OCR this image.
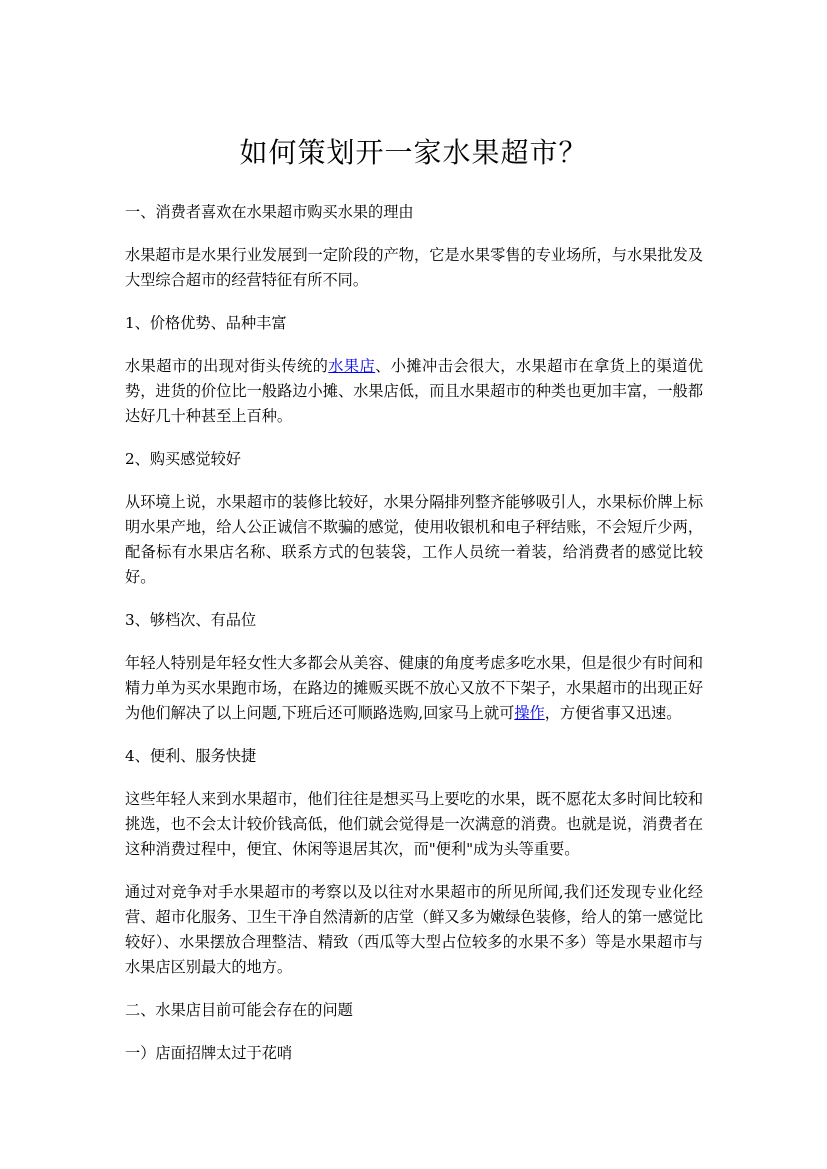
如何策划开一家水果超市？

一、消费者喜欢在水果超市购买水果的理由

水果超市是水果行业发展到一定阶段的产物，它是水果零售的专业场所，与水果批发及大型综合超市的经营特征有所不同。

1、价格优势、品种丰富

水果超市的出现对街头传统的水果店、小摊冲击会很大，水果超市在拿货上的渠道优势，进货的价位比一般路边小摊、水果店低，而且水果超市的种类也更加丰富，一般都达好几十种甚至上百种。

2、购买感觉较好

从环境上说，水果超市的装修比较好，水果分隔排列整齐能够吸引人，水果标价牌上标明水果产地，给人公正诚信不欺骗的感觉，使用收银机和电子秤结账，不会短斤少两，配备标有水果店名称、联系方式的包装袋，工作人员统一着装，给消费者的感觉比较好。

3、够档次、有品位

年轻人特别是年轻女性大多都会从美容、健康的角度考虑多吃水果，但是很少有时间和精力单为买水果跑市场，在路边的摊贩买既不放心又放不下架子，水果超市的出现正好为他们解决了以上问题,下班后还可顺路选购,回家马上就可操作，方便省事又迅速。

4、便利、服务快捷

这些年轻人来到水果超市，他们往往是想买马上要吃的水果，既不愿花太多时间比较和挑选，也不会太计较价钱高低，他们就会觉得是一次满意的消费。也就是说，消费者在这种消费过程中，便宜、休闲等退居其次，而"便利"成为头等重要。

通过对竞争对手水果超市的考察以及以往对水果超市的所见所闻,我们还发现专业化经营、超市化服务、卫生干净自然清新的店堂（鲜又多为嫩绿色装修，给人的第一感觉比较好）、水果摆放合理整洁、精致（西瓜等大型占位较多的水果不多）等是水果超市与水果店区别最大的地方。

二、水果店目前可能会存在的问题

一）店面招牌太过于花哨
